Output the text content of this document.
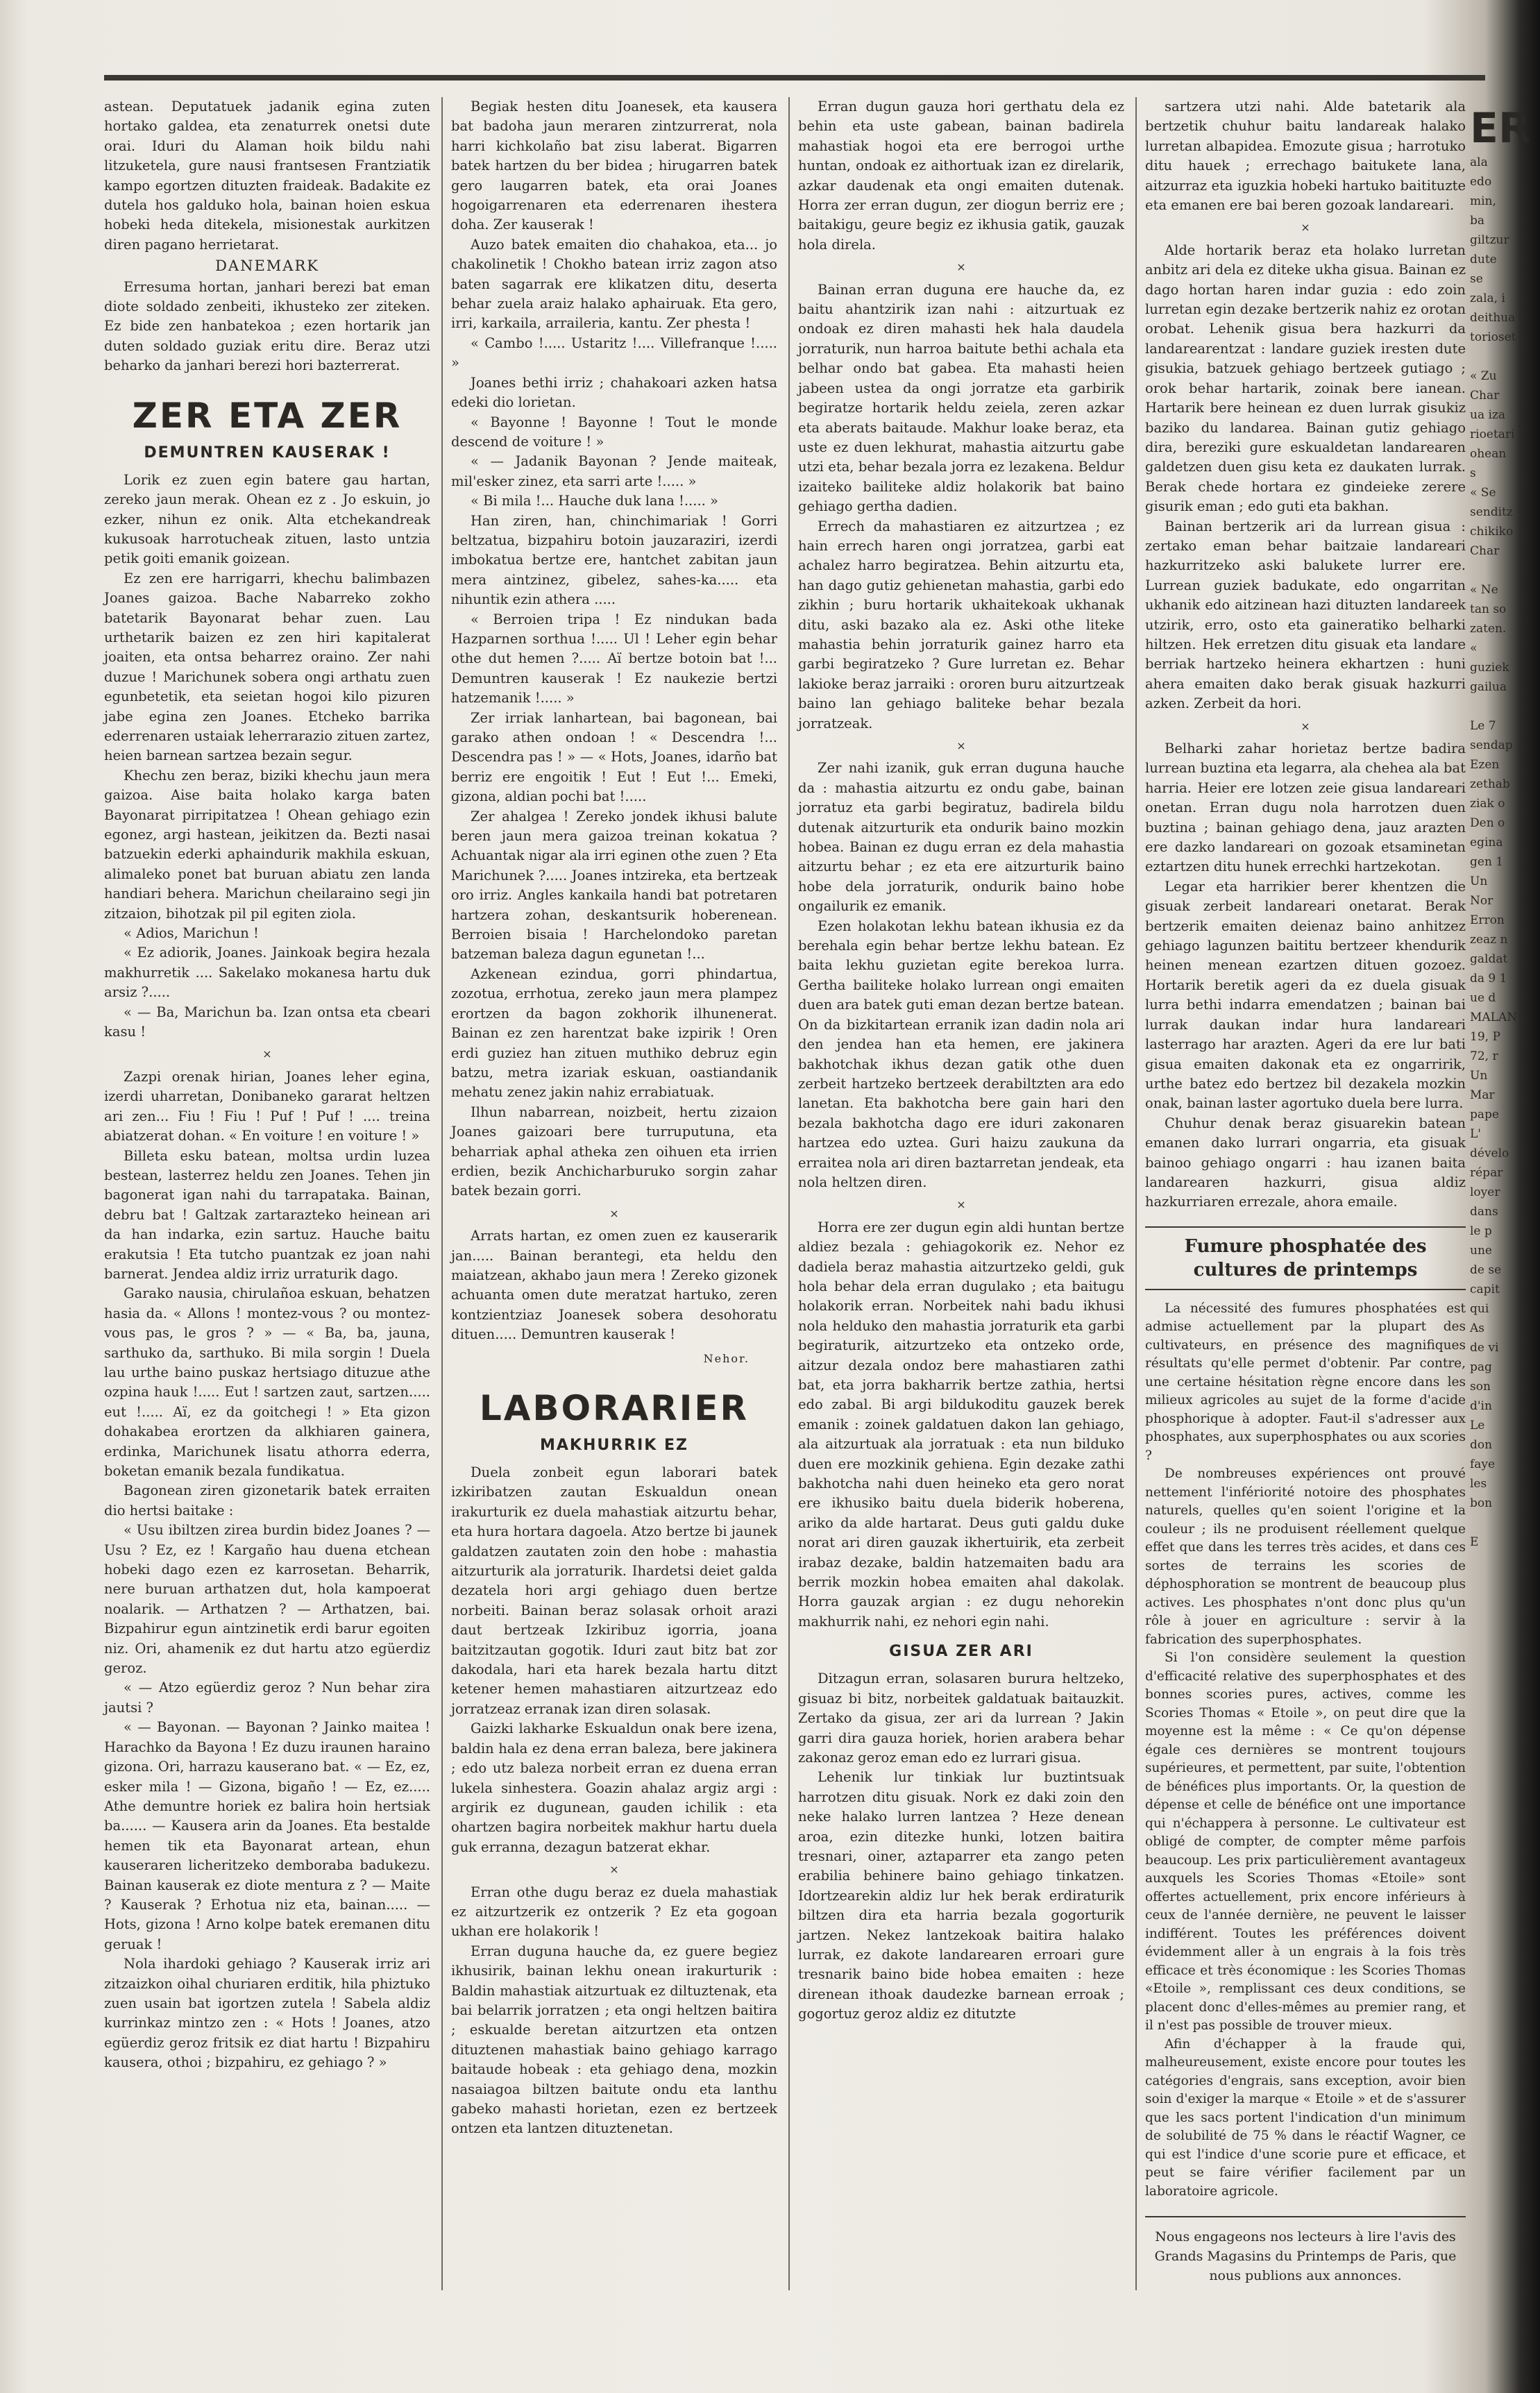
astean. Deputatuek jadanik egina zuten hortako galdea, eta zenaturrek onetsi dute orai. Iduri du Alaman hoik bildu nahi litzuketela, gure nausi frantsesen Frantziatik kampo egortzen dituzten fraideak. Badakite ez dutela hos galduko hola, bainan hoien eskua hobeki heda ditekela, misionestak aurkitzen diren pagano herrietarat.

DANEMARK

Erresuma hortan, janhari berezi bat eman diote soldado zenbeiti, ikhusteko zer ziteken. Ez bide zen hanbatekoa ; ezen hortarik jan duten soldado guziak eritu dire. Beraz utzi beharko da janhari berezi hori bazterrerat.

ZER ETA ZER
DEMUNTREN KAUSERAK !

Lorik ez zuen egin batere gau hartan, zereko jaun merak. Ohean ez z . Jo eskuin, jo ezker, nihun ez onik. Alta etchekandreak kukusoak harrotucheak zituen, lasto untzia petik goiti emanik goizean.

Ez zen ere harrigarri, khechu balimbazen Joanes gaizoa. Bache Nabarreko zokho batetarik Bayonarat behar zuen. Lau urthetarik baizen ez zen hiri kapitalerat joaiten, eta ontsa beharrez oraino. Zer nahi duzue ! Marichunek sobera ongi arthatu zuen egunbetetik, eta seietan hogoi kilo pizuren jabe egina zen Joanes. Etcheko barrika ederrenaren ustaiak leherrarazio zituen zartez, heien barnean sartzea bezain segur.

Khechu zen beraz, biziki khechu jaun mera gaizoa. Aise baita holako karga baten Bayonarat pirripitatzea ! Ohean gehiago ezin egonez, argi hastean, jeikitzen da. Bezti nasai batzuekin ederki aphaindurik makhila eskuan, alimaleko ponet bat buruan abiatu zen landa handiari behera. Marichun cheilaraino segi jin zitzaion, bihotzak pil pil egiten ziola.

« Adios, Marichun !

« Ez adiorik, Joanes. Jainkoak begira hezala makhurretik .... Sakelako mokanesa hartu duk arsiz ?.....

« — Ba, Marichun ba. Izan ontsa eta cbeari kasu !

×

Zazpi orenak hirian, Joanes leher egina, izerdi uharretan, Donibaneko gararat heltzen ari zen... Fiu ! Fiu ! Puf ! Puf ! .... treina abiatzerat dohan. « En voiture ! en voiture ! »

Billeta esku batean, moltsa urdin luzea bestean, lasterrez heldu zen Joanes. Tehen jin bagonerat igan nahi du tarrapataka. Bainan, debru bat ! Galtzak zartarazteko heinean ari da han indarka, ezin sartuz. Hauche baitu erakutsia ! Eta tutcho puantzak ez joan nahi barnerat. Jendea aldiz irriz urraturik dago.

Garako nausia, chirulañoa eskuan, behatzen hasia da. « Allons ! montez-vous ? ou montez-vous pas, le gros ? » — « Ba, ba, jauna, sarthuko da, sarthuko. Bi mila sorgin ! Duela lau urthe baino puskaz hertsiago dituzue athe ozpina hauk !..... Eut ! sartzen zaut, sartzen..... eut !..... Aï, ez da goitchegi ! » Eta gizon dohakabea erortzen da alkhiaren gainera, erdinka, Marichunek lisatu athorra ederra, boketan emanik bezala fundikatua.

Bagonean ziren gizonetarik batek erraiten dio hertsi baitake :

« Usu ibiltzen zirea burdin bidez Joanes ? — Usu ? Ez, ez ! Kargaño hau duena etchean hobeki dago ezen ez karrosetan. Beharrik, nere buruan arthatzen dut, hola kampoerat noalarik. — Arthatzen ? — Arthatzen, bai. Bizpahirur egun aintzinetik erdi barur egoiten niz. Ori, ahamenik ez dut hartu atzo egüerdiz geroz.

« — Atzo egüerdiz geroz ? Nun behar zira jautsi ?

« — Bayonan. — Bayonan ? Jainko maitea ! Harachko da Bayona ! Ez duzu iraunen haraino gizona. Ori, harrazu kauserano bat. « — Ez, ez, esker mila ! — Gizona, bigaño ! — Ez, ez..... Athe demuntre horiek ez balira hoin hertsiak ba...... — Kausera arin da Joanes. Eta bestalde hemen tik eta Bayonarat artean, ehun kauseraren licheritzeko demboraba badukezu. Bainan kauserak ez diote mentura z ? — Maite ? Kauserak ? Erhotua niz eta, bainan..... — Hots, gizona ! Arno kolpe batek eremanen ditu geruak !

Nola ihardoki gehiago ? Kauserak irriz ari zitzaizkon oihal churiaren erditik, hila phiztuko zuen usain bat igortzen zutela ! Sabela aldiz kurrinkaz mintzo zen : « Hots ! Joanes, atzo egüerdiz geroz fritsik ez diat hartu ! Bizpahiru kausera, othoi ; bizpahiru, ez gehiago ? »

Begiak hesten ditu Joanesek, eta kausera bat badoha jaun meraren zintzurrerat, nola harri kichkolaño bat zisu laberat. Bigarren batek hartzen du ber bidea ; hirugarren batek gero laugarren batek, eta orai Joanes hogoigarrenaren eta ederrenaren ihestera doha. Zer kauserak !

Auzo batek emaiten dio chahakoa, eta... jo chakolinetik ! Chokho batean irriz zagon atso baten sagarrak ere klikatzen ditu, deserta behar zuela araiz halako aphairuak. Eta gero, irri, karkaila, arraileria, kantu. Zer phesta !

« Cambo !..... Ustaritz !.... Villefranque !..... »

Joanes bethi irriz ; chahakoari azken hatsa edeki dio lorietan.

« Bayonne ! Bayonne ! Tout le monde descend de voiture ! »

« — Jadanik Bayonan ? Jende maiteak, mil'esker zinez, eta sarri arte !..... »

« Bi mila !... Hauche duk lana !..... »

Han ziren, han, chinchimariak ! Gorri beltzatua, bizpahiru botoin jauzaraziri, izerdi imbokatua bertze ere, hantchet zabitan jaun mera aintzinez, gibelez, sahes-ka..... eta nihuntik ezin athera .....

« Berroien tripa ! Ez nindukan bada Hazparnen sorthua !..... Ul ! Leher egin behar othe dut hemen ?..... Aï bertze botoin bat !... Demuntren kauserak ! Ez naukezie bertzi hatzemanik !..... »

Zer irriak lanhartean, bai bagonean, bai garako athen ondoan ! « Descendra !... Descendra pas ! » — « Hots, Joanes, idarño bat berriz ere engoitik ! Eut ! Eut !... Emeki, gizona, aldian pochi bat !.....

Zer ahalgea ! Zereko jondek ikhusi balute beren jaun mera gaizoa treinan kokatua ? Achuantak nigar ala irri eginen othe zuen ? Eta Marichunek ?..... Joanes intzireka, eta bertzeak oro irriz. Angles kankaila handi bat potretaren hartzera zohan, deskantsurik hoberenean. Berroien bisaia ! Harchelondoko paretan batzeman baleza dagun egunetan !...

Azkenean ezindua, gorri phindartua, zozotua, errhotua, zereko jaun mera plampez erortzen da bagon zokhorik ilhunenerat. Bainan ez zen harentzat bake izpirik ! Oren erdi guziez han zituen muthiko debruz egin batzu, metra izariak eskuan, oastiandanik mehatu zenez jakin nahiz errabiatuak.

Ilhun nabarrean, noizbeit, hertu zizaion Joanes gaizoari bere turruputuna, eta beharriak aphal atheka zen oihuen eta irrien erdien, bezik Anchicharburuko sorgin zahar batek bezain gorri.

×

Arrats hartan, ez omen zuen ez kauserarik jan..... Bainan berantegi, eta heldu den maiatzean, akhabo jaun mera ! Zereko gizonek achuanta omen dute meratzat hartuko, zeren kontzientziaz Joanesek sobera desohoratu dituen..... Demuntren kauserak !

Nehor.
LABORARIER
MAKHURRIK EZ

Duela zonbeit egun laborari batek izkiribatzen zautan Eskualdun onean irakurturik ez duela mahastiak aitzurtu behar, eta hura hortara dagoela. Atzo bertze bi jaunek galdatzen zautaten zoin den hobe : mahastia aitzurturik ala jorraturik. Ihardetsi deiet galda dezatela hori argi gehiago duen bertze norbeiti. Bainan beraz solasak orhoit arazi daut bertzeak Izkiribuz igorria, joana baitzitzautan gogotik. Iduri zaut bitz bat zor dakodala, hari eta harek bezala hartu ditzt ketener hemen mahastiaren aitzurtzeaz edo jorratzeaz erranak izan diren solasak.

Gaizki lakharke Eskualdun onak bere izena, baldin hala ez dena erran baleza, bere jakinera ; edo utz baleza norbeit erran ez duena erran lukela sinhestera. Goazin ahalaz argiz argi : argirik ez dugunean, gauden ichilik : eta ohartzen bagira norbeitek makhur hartu duela guk erranna, dezagun batzerat ekhar.

×

Erran othe dugu beraz ez duela mahastiak ez aitzurtzerik ez ontzerik ? Ez eta gogoan ukhan ere holakorik !

Erran duguna hauche da, ez guere begiez ikhusirik, bainan lekhu onean irakurturik : Baldin mahastiak aitzurtuak ez diltuztenak, eta bai belarrik jorratzen ; eta ongi heltzen baitira ; eskualde beretan aitzurtzen eta ontzen dituztenen mahastiak baino gehiago karrago baitaude hobeak : eta gehiago dena, mozkin nasaiagoa biltzen baitute ondu eta lanthu gabeko mahasti horietan, ezen ez bertzeek ontzen eta lantzen dituztenetan.

Erran dugun gauza hori gerthatu dela ez behin eta uste gabean, bainan badirela mahastiak hogoi eta ere berrogoi urthe huntan, ondoak ez aithortuak izan ez direlarik, azkar daudenak eta ongi emaiten dutenak. Horra zer erran dugun, zer diogun berriz ere ; baitakigu, geure begiz ez ikhusia gatik, gauzak hola direla.

×

Bainan erran duguna ere hauche da, ez baitu ahantzirik izan nahi : aitzurtuak ez ondoak ez diren mahasti hek hala daudela jorraturik, nun harroa baitute bethi achala eta belhar ondo bat gabea. Eta mahasti heien jabeen ustea da ongi jorratze eta garbirik begiratze hortarik heldu zeiela, zeren azkar eta aberats baitaude. Makhur loake beraz, eta uste ez duen lekhurat, mahastia aitzurtu gabe utzi eta, behar bezala jorra ez lezakena. Beldur izaiteko bailiteke aldiz holakorik bat baino gehiago gertha dadien.

Errech da mahastiaren ez aitzurtzea ; ez hain errech haren ongi jorratzea, garbi eat achalez harro begiratzea. Behin aitzurtu eta, han dago gutiz gehienetan mahastia, garbi edo zikhin ; buru hortarik ukhaitekoak ukhanak ditu, aski bazako ala ez. Aski othe liteke mahastia behin jorraturik gainez harro eta garbi begiratzeko ? Gure lurretan ez. Behar lakioke beraz jarraiki : ororen buru aitzurtzeak baino lan gehiago baliteke behar bezala jorratzeak.

×

Zer nahi izanik, guk erran duguna hauche da : mahastia aitzurtu ez ondu gabe, bainan jorratuz eta garbi begiratuz, badirela bildu dutenak aitzurturik eta ondurik baino mozkin hobea. Bainan ez dugu erran ez dela mahastia aitzurtu behar ; ez eta ere aitzurturik baino hobe dela jorraturik, ondurik baino hobe ongailurik ez emanik.

Ezen holakotan lekhu batean ikhusia ez da berehala egin behar bertze lekhu batean. Ez baita lekhu guzietan egite berekoa lurra. Gertha bailiteke holako lurrean ongi emaiten duen ara batek guti eman dezan bertze batean. On da bizkitartean erranik izan dadin nola ari den jendea han eta hemen, ere jakinera bakhotchak ikhus dezan gatik othe duen zerbeit hartzeko bertzeek derabiltzten ara edo lanetan. Eta bakhotcha bere gain hari den bezala bakhotcha dago ere iduri zakonaren hartzea edo uztea. Guri haizu zaukuna da erraitea nola ari diren baztarretan jendeak, eta nola heltzen diren.

×

Horra ere zer dugun egin aldi huntan bertze aldiez bezala : gehiagokorik ez. Nehor ez dadiela beraz mahastia aitzurtzeko geldi, guk hola behar dela erran dugulako ; eta baitugu holakorik erran. Norbeitek nahi badu ikhusi nola helduko den mahastia jorraturik eta garbi begiraturik, aitzurtzeko eta ontzeko orde, aitzur dezala ondoz bere mahastiaren zathi bat, eta jorra bakharrik bertze zathia, hertsi edo zabal. Bi argi bildukoditu gauzek berek emanik : zoinek galdatuen dakon lan gehiago, ala aitzurtuak ala jorratuak : eta nun bilduko duen ere mozkinik gehiena. Egin dezake zathi bakhotcha nahi duen heineko eta gero norat ere ikhusiko baitu duela biderik hoberena, ariko da alde hartarat. Deus guti galdu duke norat ari diren gauzak ikhertuirik, eta zerbeit irabaz dezake, baldin hatzemaiten badu ara berrik mozkin hobea emaiten ahal dakolak. Horra gauzak argian : ez dugu nehorekin makhurrik nahi, ez nehori egin nahi.

GISUA ZER ARI

Ditzagun erran, solasaren burura heltzeko, gisuaz bi bitz, norbeitek galdatuak baitauzkit. Zertako da gisua, zer ari da lurrean ? Jakin garri dira gauza horiek, horien arabera behar zakonaz geroz eman edo ez lurrari gisua.

Lehenik lur tinkiak lur buztintsuak harrotzen ditu gisuak. Nork ez daki zoin den neke halako lurren lantzea ? Heze denean aroa, ezin ditezke hunki, lotzen baitira tresnari, oiner, aztaparrer eta zango peten erabilia behinere baino gehiago tinkatzen. Idortzearekin aldiz lur hek berak erdiraturik biltzen dira eta harria bezala gogorturik jartzen. Nekez lantzekoak baitira halako lurrak, ez dakote landarearen erroari gure tresnarik baino bide hobea emaiten : heze direnean ithoak daudezke barnean erroak ; gogortuz geroz aldiz ez ditutzte

sartzera utzi nahi. Alde batetarik ala bertzetik chuhur baitu landareak halako lurretan albapidea. Emozute gisua ; harrotuko ditu hauek ; errechago baitukete lana, aitzurraz eta iguzkia hobeki hartuko baitituzte eta emanen ere bai beren gozoak landareari.

×

Alde hortarik beraz eta holako lurretan anbitz ari dela ez diteke ukha gisua. Bainan ez dago hortan haren indar guzia : edo zoin lurretan egin dezake bertzerik nahiz ez orotan orobat. Lehenik gisua bera hazkurri da landarearentzat : landare guziek iresten dute gisukia, batzuek gehiago bertzeek gutiago ; orok behar hartarik, zoinak bere ianean. Hartarik bere heinean ez duen lurrak gisukiz baziko du landarea. Bainan gutiz gehiago dira, bereziki gure eskualdetan landarearen galdetzen duen gisu keta ez daukaten lurrak. Berak chede hortara ez gindeieke zerere gisurik eman ; edo guti eta bakhan.

Bainan bertzerik ari da lurrean gisua : zertako eman behar baitzaie landareari hazkurritzeko aski balukete lurrer ere. Lurrean guziek badukate, edo ongarritan ukhanik edo aitzinean hazi dituzten landareek utzirik, erro, osto eta gaineratiko belharki hiltzen. Hek erretzen ditu gisuak eta landare berriak hartzeko heinera ekhartzen : huni ahera emaiten dako berak gisuak hazkurri azken. Zerbeit da hori.

×

Belharki zahar horietaz bertze badira lurrean buztina eta legarra, ala chehea ala bat harria. Heier ere lotzen zeie gisua landareari onetan. Erran dugu nola harrotzen duen buztina ; bainan gehiago dena, jauz arazten ere dazko landareari on gozoak etsaminetan eztartzen ditu hunek errechki hartzekotan.

Legar eta harrikier berer khentzen die gisuak zerbeit landareari onetarat. Berak bertzerik emaiten deienaz baino anhitzez gehiago lagunzen baititu bertzeer khendurik heinen menean ezartzen dituen gozoez. Hortarik beretik ageri da ez duela gisuak lurra bethi indarra emendatzen ; bainan bai lurrak daukan indar hura landareari lasterrago har arazten. Ageri da ere lur bati gisua emaiten dakonak eta ez ongarririk, urthe batez edo bertzez bil dezakela mozkin onak, bainan laster agortuko duela bere lurra.

Chuhur denak beraz gisuarekin batean emanen dako lurrari ongarria, eta gisuak bainoo gehiago ongarri : hau izanen baita landarearen hazkurri, gisua aldiz hazkurriaren errezale, ahora emaile.

Fumure phosphatée des cultures de printemps

La nécessité des fumures phosphatées est admise actuellement par la plupart des cultivateurs, en présence des magnifiques résultats qu'elle permet d'obtenir. Par contre, une certaine hésitation règne encore dans les milieux agricoles au sujet de la forme d'acide phosphorique à adopter. Faut-il s'adresser aux phosphates, aux superphosphates ou aux scories ?

De nombreuses expériences ont prouvé nettement l'infériorité notoire des phosphates naturels, quelles qu'en soient l'origine et la couleur ; ils ne produisent réellement quelque effet que dans les terres très acides, et dans ces sortes de terrains les scories de déphosphoration se montrent de beaucoup plus actives. Les phosphates n'ont donc plus qu'un rôle à jouer en agriculture : servir à la fabrication des superphosphates.

Si l'on considère seulement la question d'efficacité relative des superphosphates et des bonnes scories pures, actives, comme les Scories Thomas « Etoile », on peut dire que la moyenne est la même : « Ce qu'on dépense égale ces dernières se montrent toujours supérieures, et permettent, par suite, l'obtention de bénéfices plus importants. Or, la question de dépense et celle de bénéfice ont une importance qui n'échappera à personne. Le cultivateur est obligé de compter, de compter même parfois beaucoup. Les prix particulièrement avantageux auxquels les Scories Thomas «Etoile» sont offertes actuellement, prix encore inférieurs à ceux de l'année dernière, ne peuvent le laisser indifférent. Toutes les préférences doivent évidemment aller à un engrais à la fois très efficace et très économique : les Scories Thomas «Etoile », remplissant ces deux conditions, se placent donc d'elles-mêmes au premier rang, et il n'est pas possible de trouver mieux.

Afin d'échapper à la fraude qui, malheureusement, existe encore pour toutes les catégories d'engrais, sans exception, avoir bien soin d'exiger la marque « Etoile » et de s'assurer que les sacs portent l'indication d'un minimum de solubilité de 75 % dans le réactif Wagner, ce qui est l'indice d'une scorie pure et efficace, et peut se faire vérifier facilement par un laboratoire agricole.

Nous engageons nos lecteurs à lire l'avis des Grands Magasins du Printemps de Paris, que nous publions aux annonces.
ER
ala edo
min, ba
giltzur
dute se
zala, i
deithua
torioset

« Zu
Char
ua iza
rioetari
ohean s
« Se
senditz
chikiko
Char

« Ne
tan so
zaten.
« guziek
gailua

Le 7
sendap
Ezen
zethab
ziak o
Den o
egina
gen 1
Un
Nor
Erron
zeaz n
galdat
da 9 1
ue d
MALAN
19, P
72, r
Un
Mar
pape
L'
dévelo
répar
loyer
dans
le p
une
de se
capit
qui
As
de vi
pag
son
d'in
Le
don
faye
les
bon

E
